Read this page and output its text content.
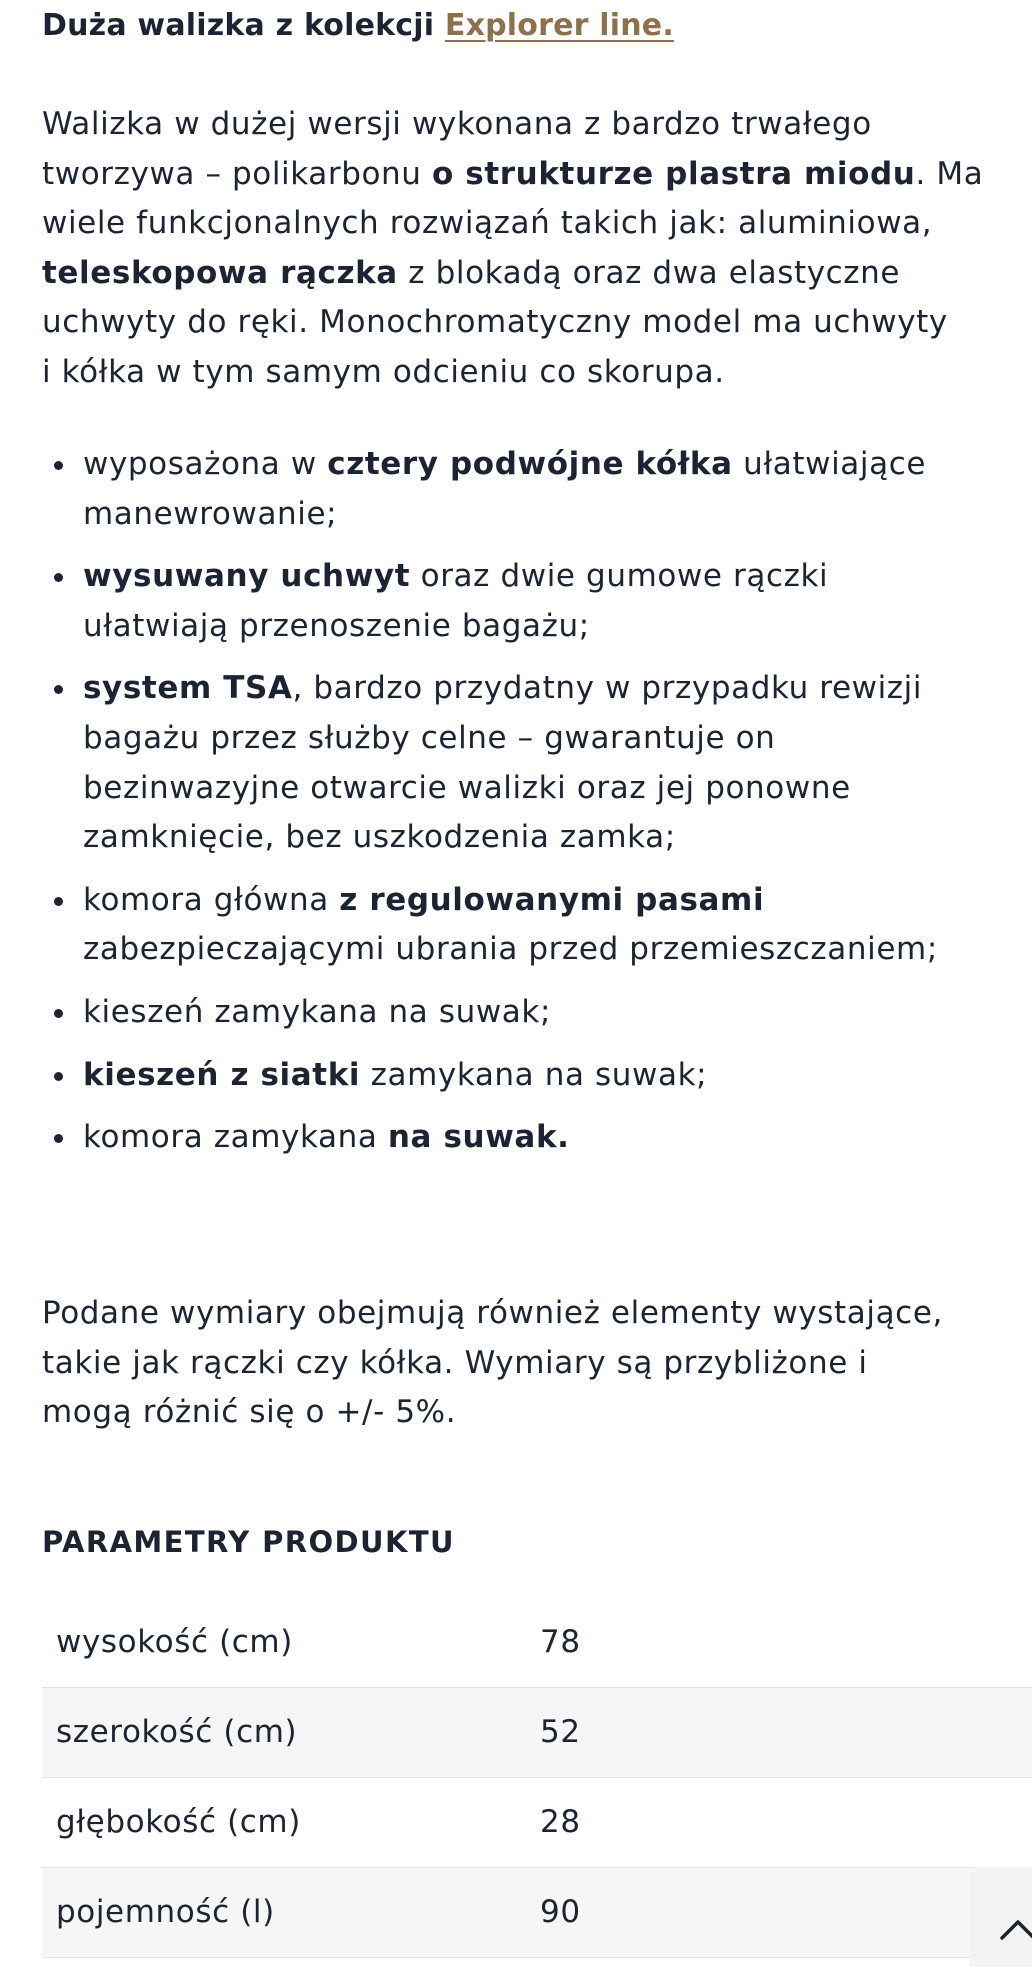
Duża walizka z kolekcji Explorer line.

Walizka w dużej wersji wykonana z bardzo trwałego
tworzywa – polikarbonu o strukturze plastra miodu. Ma
wiele funkcjonalnych rozwiązań takich jak: aluminiowa,
teleskopowa rączka z blokadą oraz dwa elastyczne
uchwyty do ręki. Monochromatyczny model ma uchwyty
i kółka w tym samym odcieniu co skorupa.

wyposażona w cztery podwójne kółka ułatwiające
manewrowanie;
wysuwany uchwyt oraz dwie gumowe rączki
ułatwiają przenoszenie bagażu;
system TSA, bardzo przydatny w przypadku rewizji
bagażu przez służby celne – gwarantuje on
bezinwazyjne otwarcie walizki oraz jej ponowne
zamknięcie, bez uszkodzenia zamka;
komora główna z regulowanymi pasami
zabezpieczającymi ubrania przed przemieszczaniem;
kieszeń zamykana na suwak;
kieszeń z siatki zamykana na suwak;
komora zamykana na suwak.

Podane wymiary obejmują również elementy wystające,
takie jak rączki czy kółka. Wymiary są przybliżone i
mogą różnić się o +/- 5%.

PARAMETRY PRODUKTU
wysokość (cm)	78
szerokość (cm)	52
głębokość (cm)	28
pojemność (l)	90
